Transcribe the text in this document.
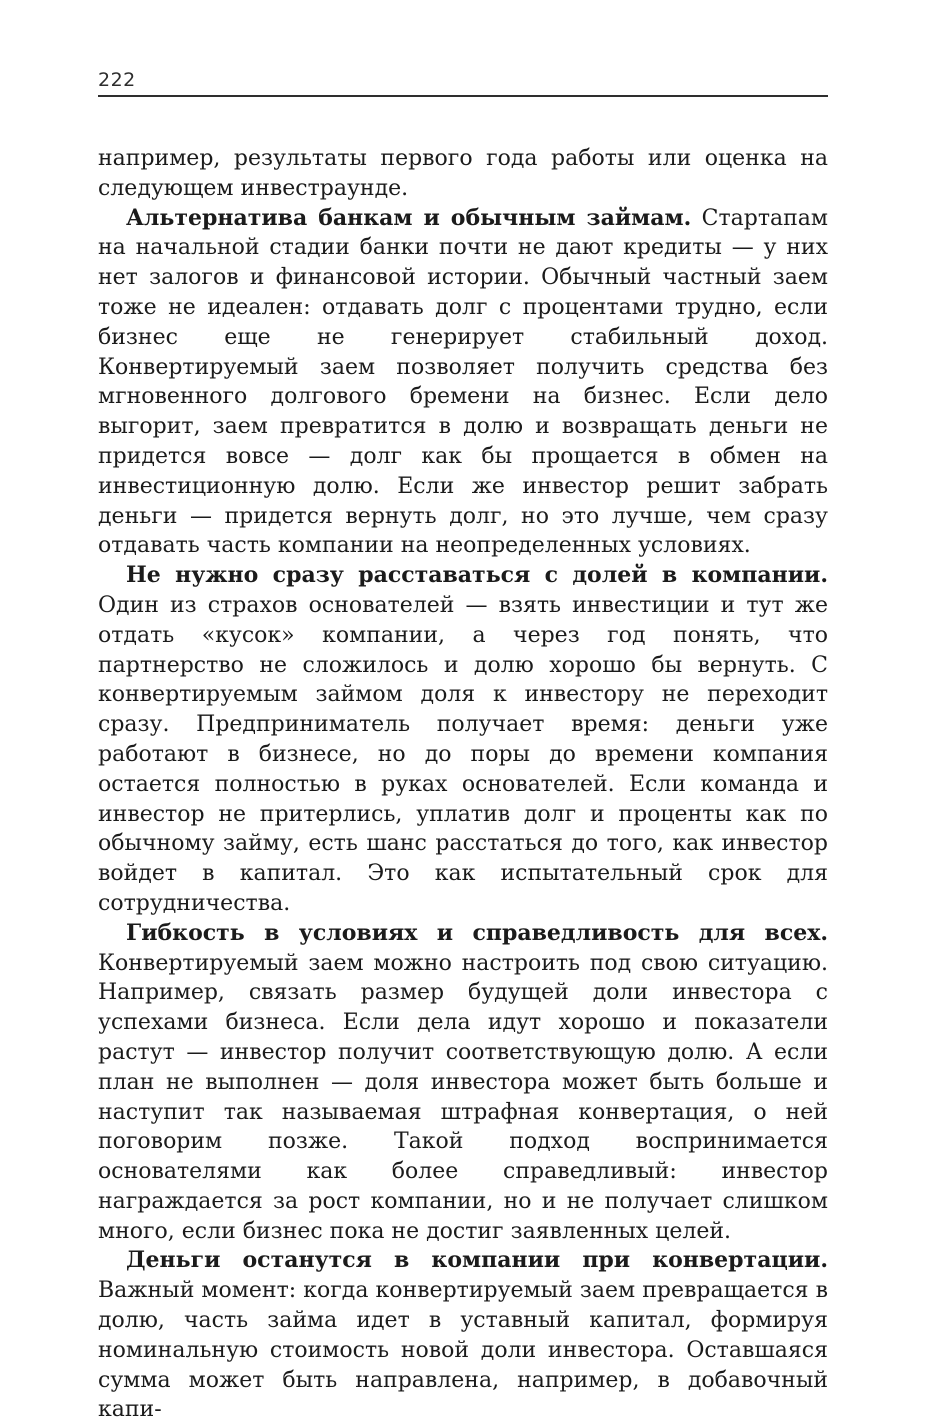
222

например, результаты первого года работы или оценка на следующем инвестраунде.

Альтернатива банкам и обычным займам. Стартапам на начальной стадии банки почти не дают кредиты — у них нет залогов и финансовой истории. Обычный частный заем тоже не идеален: отдавать долг с процентами трудно, если бизнес еще не генерирует стабильный доход. Конвертируемый заем позволяет получить средства без мгновенного долгового бремени на бизнес. Если дело выгорит, заем превратится в долю и возвращать деньги не придется вовсе — долг как бы прощается в обмен на инвестиционную долю. Если же инвестор решит забрать деньги — придется вернуть долг, но это лучше, чем сразу отдавать часть компании на неопределенных условиях.

Не нужно сразу расставаться с долей в компании. Один из страхов основателей — взять инвестиции и тут же отдать «кусок» компании, а через год понять, что партнерство не сложилось и долю хорошо бы вернуть. С конвертируемым займом доля к инвестору не переходит сразу. Предприниматель получает время: деньги уже работают в бизнесе, но до поры до времени компания остается полностью в руках основателей. Если команда и инвестор не притерлись, уплатив долг и проценты как по обычному займу, есть шанс расстаться до того, как инвестор войдет в капитал. Это как испытательный срок для сотрудничества.

Гибкость в условиях и справедливость для всех. Конвертируемый заем можно настроить под свою ситуацию. Например, связать размер будущей доли инвестора с успехами бизнеса. Если дела идут хорошо и показатели растут — инвестор получит соответствующую долю. А если план не выполнен — доля инвестора может быть больше и наступит так называемая штрафная конвертация, о ней поговорим позже. Такой подход воспринимается основателями как более справедливый: инвестор награждается за рост компании, но и не получает слишком много, если бизнес пока не достиг заявленных целей.

Деньги останутся в компании при конвертации. Важный момент: когда конвертируемый заем превращается в долю, часть займа идет в уставный капитал, формируя номинальную стоимость новой доли инвестора. Оставшаяся сумма может быть направлена, например, в добавочный капи-
